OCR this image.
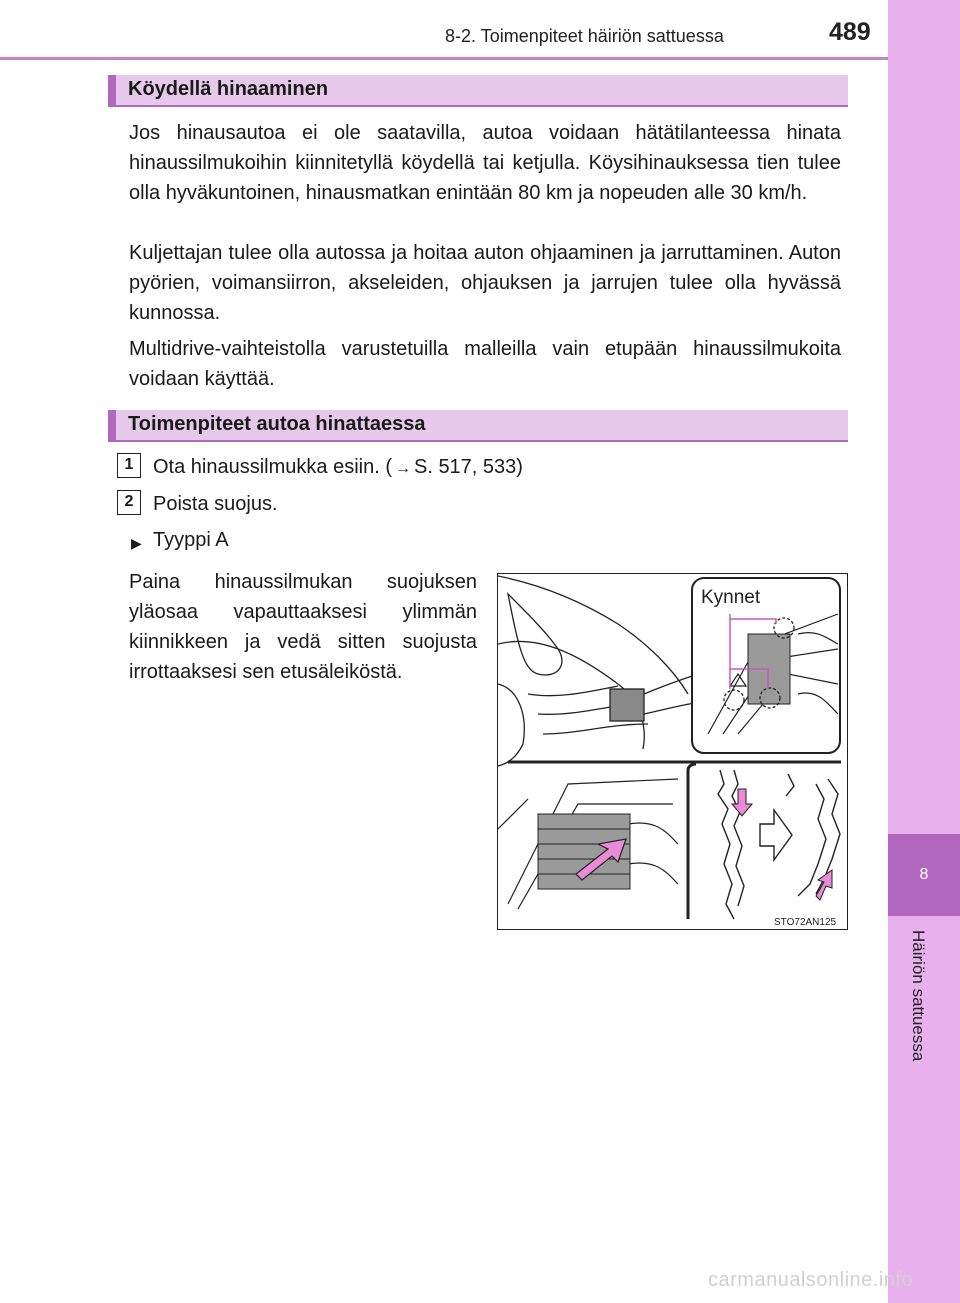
8-2. Toimenpiteet häiriön sattuessa	489
8
Häiriön sattuessa
Köydellä hinaaminen

Jos hinausautoa ei ole saatavilla, autoa voidaan hätätilanteessa hinata hinaussilmukoihin kiinnitetyllä köydellä tai ketjulla. Köysihinauksessa tien tulee olla hyväkuntoinen, hinausmatkan enintään 80 km ja nopeuden alle 30 km/h.

Kuljettajan tulee olla autossa ja hoitaa auton ohjaaminen ja jarruttaminen. Auton pyörien, voimansiirron, akseleiden, ohjauksen ja jarrujen tulee olla hyvässä kunnossa.

Multidrive-vaihteistolla varustetuilla malleilla vain etupään hinaussilmukoita voidaan käyttää.

Toimenpiteet autoa hinattaessa
1 Ota hinaussilmukka esiin. ( → S. 517, 533)
2 Poista suojus.
▶ Tyyppi A

Paina hinaussilmukan suojuksen yläosaa vapauttaaksesi ylimmän kiinnikkeen ja vedä sitten suojusta irrottaaksesi sen etusäleiköstä.

Kynnet
STO72AN125
carmanualsonline.info
